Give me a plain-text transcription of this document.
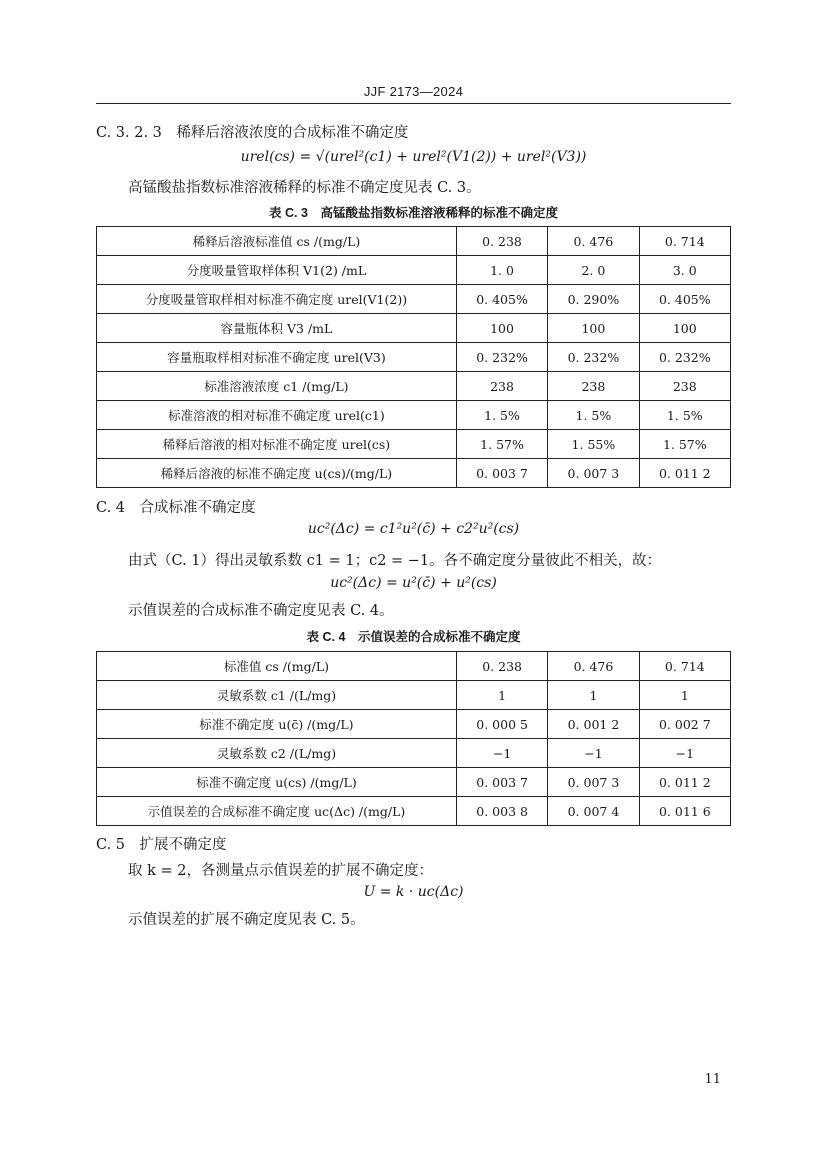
JJF 2173—2024
C. 3. 2. 3　稀释后溶液浓度的合成标准不确定度
urel(cs) = √(urel²(c1) + urel²(V1(2)) + urel²(V3))
高锰酸盐指数标准溶液稀释的标准不确定度见表 C. 3。
表 C. 3　高锰酸盐指数标准溶液稀释的标准不确定度
稀释后溶液标准值 cs /(mg/L)	0. 238	0. 476	0. 714
分度吸量管取样体积 V1(2) /mL	1. 0	2. 0	3. 0
分度吸量管取样相对标准不确定度 urel(V1(2))	0. 405%	0. 290%	0. 405%
容量瓶体积 V3 /mL	100	100	100
容量瓶取样相对标准不确定度 urel(V3)	0. 232%	0. 232%	0. 232%
标准溶液浓度 c1 /(mg/L)	238	238	238
标准溶液的相对标准不确定度 urel(c1)	1. 5%	1. 5%	1. 5%
稀释后溶液的相对标准不确定度 urel(cs)	1. 57%	1. 55%	1. 57%
稀释后溶液的标准不确定度 u(cs)/(mg/L)	0. 003 7	0. 007 3	0. 011 2
C. 4　合成标准不确定度
uc²(Δc) = c1²u²(c̄) + c2²u²(cs)
由式（C. 1）得出灵敏系数 c1 = 1；c2 = −1。各不确定度分量彼此不相关，故：
uc²(Δc) = u²(c̄) + u²(cs)
示值误差的合成标准不确定度见表 C. 4。
表 C. 4　示值误差的合成标准不确定度
标准值 cs /(mg/L)	0. 238	0. 476	0. 714
灵敏系数 c1 /(L/mg)	1	1	1
标准不确定度 u(c̄) /(mg/L)	0. 000 5	0. 001 2	0. 002 7
灵敏系数 c2 /(L/mg)	−1	−1	−1
标准不确定度 u(cs) /(mg/L)	0. 003 7	0. 007 3	0. 011 2
示值误差的合成标准不确定度 uc(Δc) /(mg/L)	0. 003 8	0. 007 4	0. 011 6
C. 5　扩展不确定度
取 k = 2，各测量点示值误差的扩展不确定度：
U = k · uc(Δc)
示值误差的扩展不确定度见表 C. 5。
11
